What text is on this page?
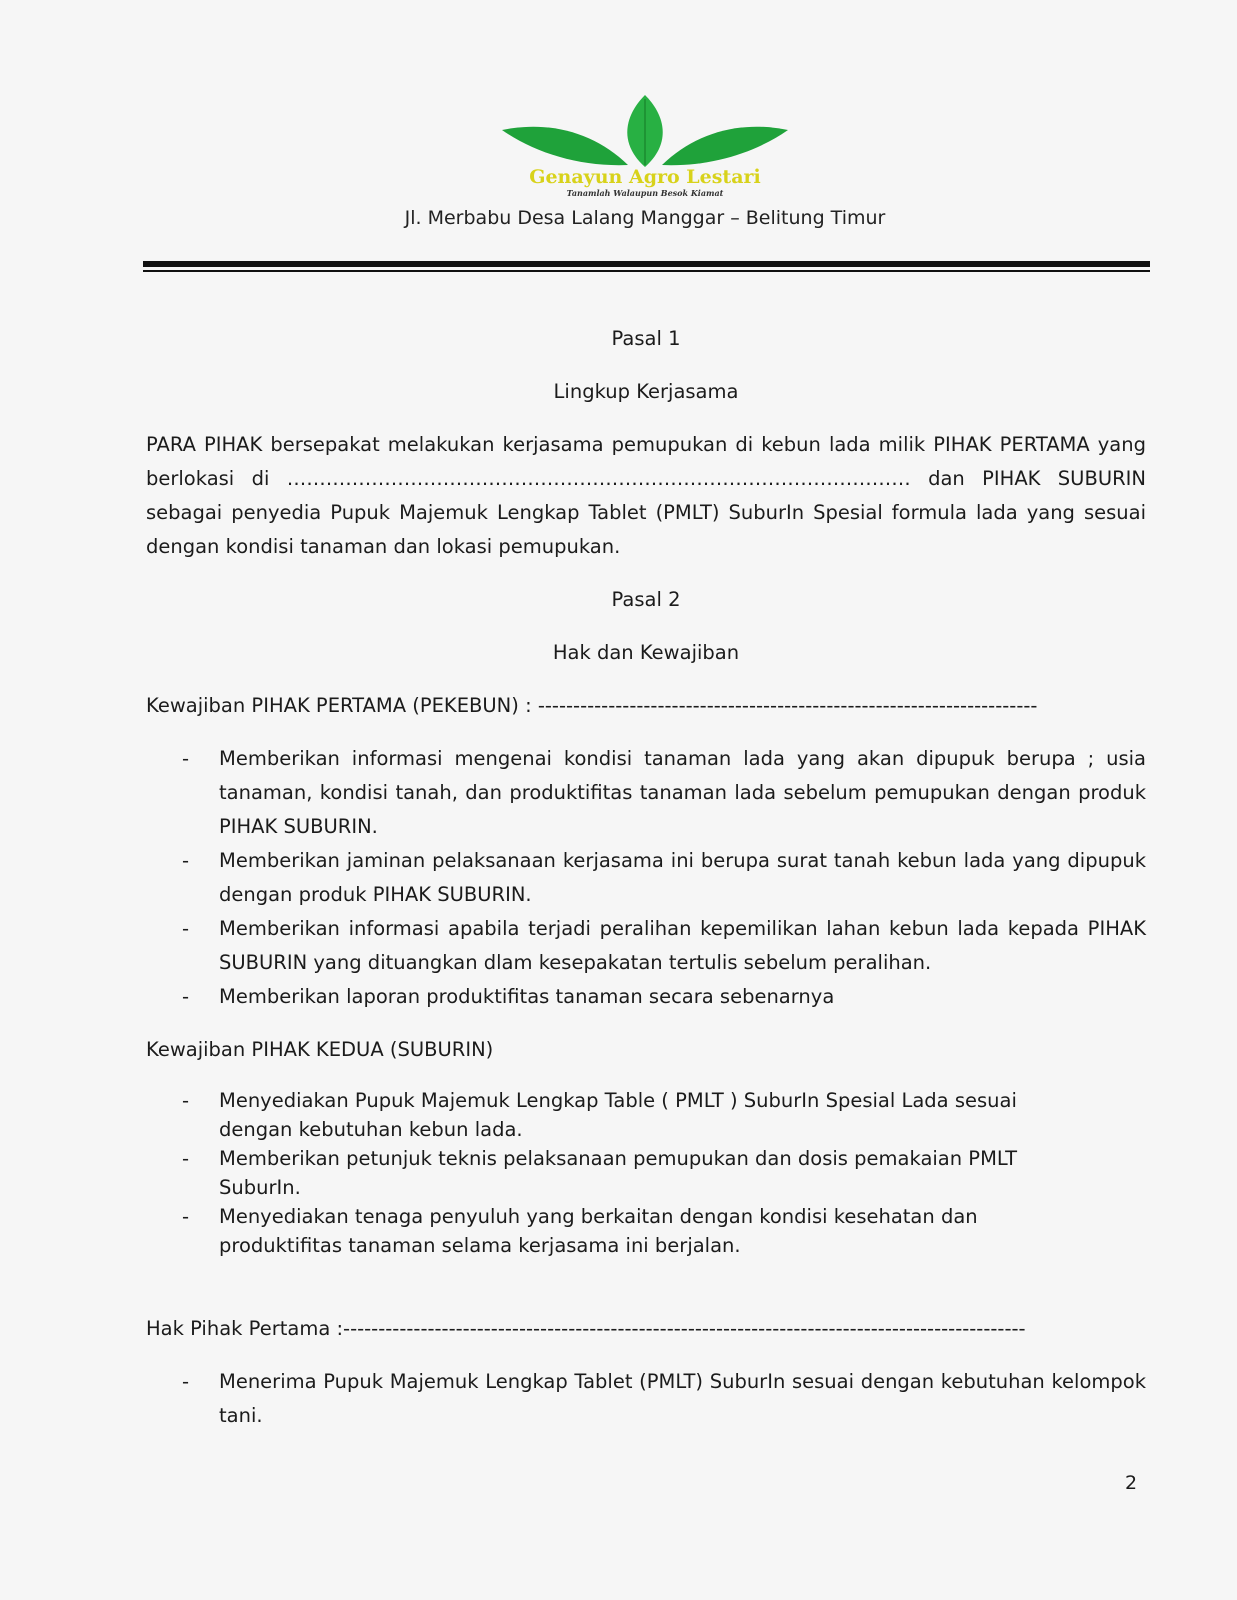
Genayun Agro Lestari
Tanamlah Walaupun Besok Kiamat
Jl. Merbabu Desa Lalang Manggar – Belitung Timur

Pasal 1

Lingkup Kerjasama

PARA PIHAK bersepakat melakukan kerjasama pemupukan di kebun lada milik PIHAK PERTAMA yang berlokasi di …………………………………………………………………………………… dan PIHAK SUBURIN sebagai penyedia Pupuk Majemuk Lengkap Tablet (PMLT) SuburIn Spesial formula lada yang sesuai dengan kondisi tanaman dan lokasi pemupukan.

Pasal 2

Hak dan Kewajiban

Kewajiban PIHAK PERTAMA (PEKEBUN) : -----------------------------------------------------------------------

- Memberikan informasi mengenai kondisi tanaman lada yang akan dipupuk berupa ; usia tanaman, kondisi tanah, dan produktifitas tanaman lada sebelum pemupukan dengan produk PIHAK SUBURIN.
- Memberikan jaminan pelaksanaan kerjasama ini berupa surat tanah kebun lada yang dipupuk dengan produk PIHAK SUBURIN.
- Memberikan informasi apabila terjadi peralihan kepemilikan lahan kebun lada kepada PIHAK SUBURIN yang dituangkan dlam kesepakatan tertulis sebelum peralihan.
- Memberikan laporan produktifitas tanaman secara sebenarnya

Kewajiban PIHAK KEDUA (SUBURIN)

- Menyediakan Pupuk Majemuk Lengkap Table ( PMLT ) SuburIn Spesial Lada sesuai dengan kebutuhan kebun lada.
- Memberikan petunjuk teknis pelaksanaan pemupukan dan dosis pemakaian PMLT SuburIn.
- Menyediakan tenaga penyuluh yang berkaitan dengan kondisi kesehatan dan produktifitas tanaman selama kerjasama ini berjalan.

Hak Pihak Pertama :-------------------------------------------------------------------------------------------------

- Menerima Pupuk Majemuk Lengkap Tablet (PMLT) SuburIn sesuai dengan kebutuhan kelompok tani.
2
